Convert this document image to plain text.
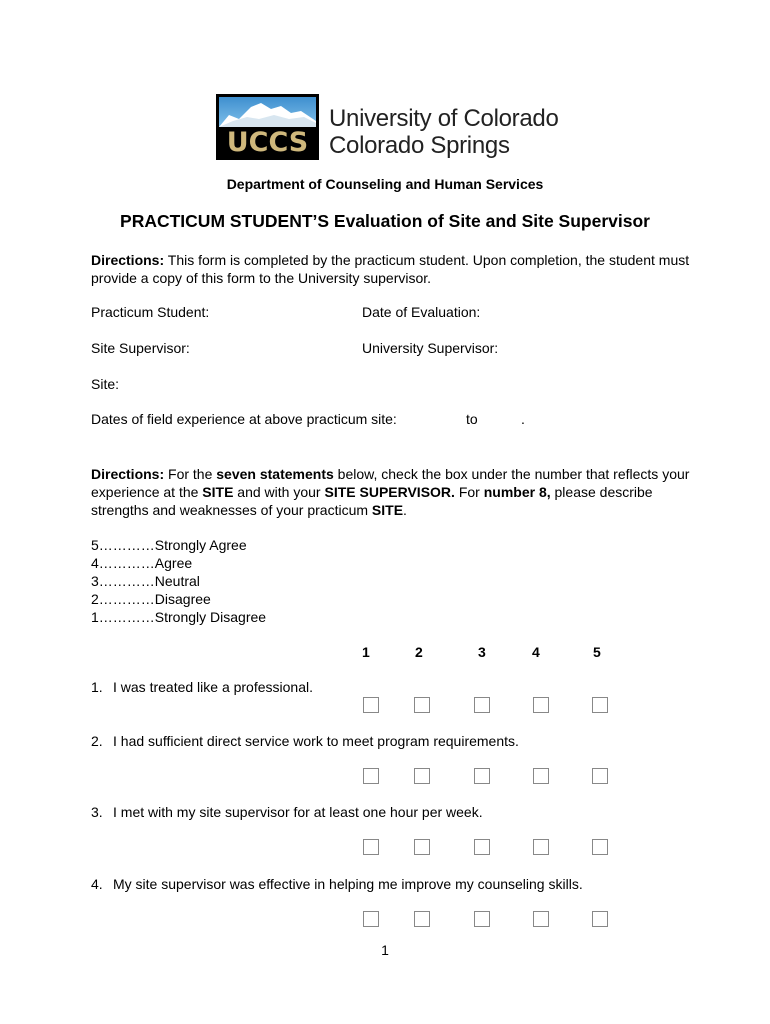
UCCS
University of Colorado
Colorado Springs
Department of Counseling and Human Services
PRACTICUM STUDENT’S Evaluation of Site and Site Supervisor
Directions: This form is completed by the practicum student. Upon completion, the student must provide a copy of this form to the University supervisor.
Practicum Student:	Date of Evaluation:
Site Supervisor:	University Supervisor:
Site:
Dates of field experience at above practicum site:	to	.
Directions: For the seven statements below, check the box under the number that reflects your experience at the SITE and with your SITE SUPERVISOR. For number 8, please describe strengths and weaknesses of your practicum SITE.
5…………Strongly Agree
4…………Agree
3…………Neutral
2…………Disagree
1…………Strongly Disagree
1	2	3	4	5
1. I was treated like a professional.
2. I had sufficient direct service work to meet program requirements.
3. I met with my site supervisor for at least one hour per week.
4. My site supervisor was effective in helping me improve my counseling skills.
1
